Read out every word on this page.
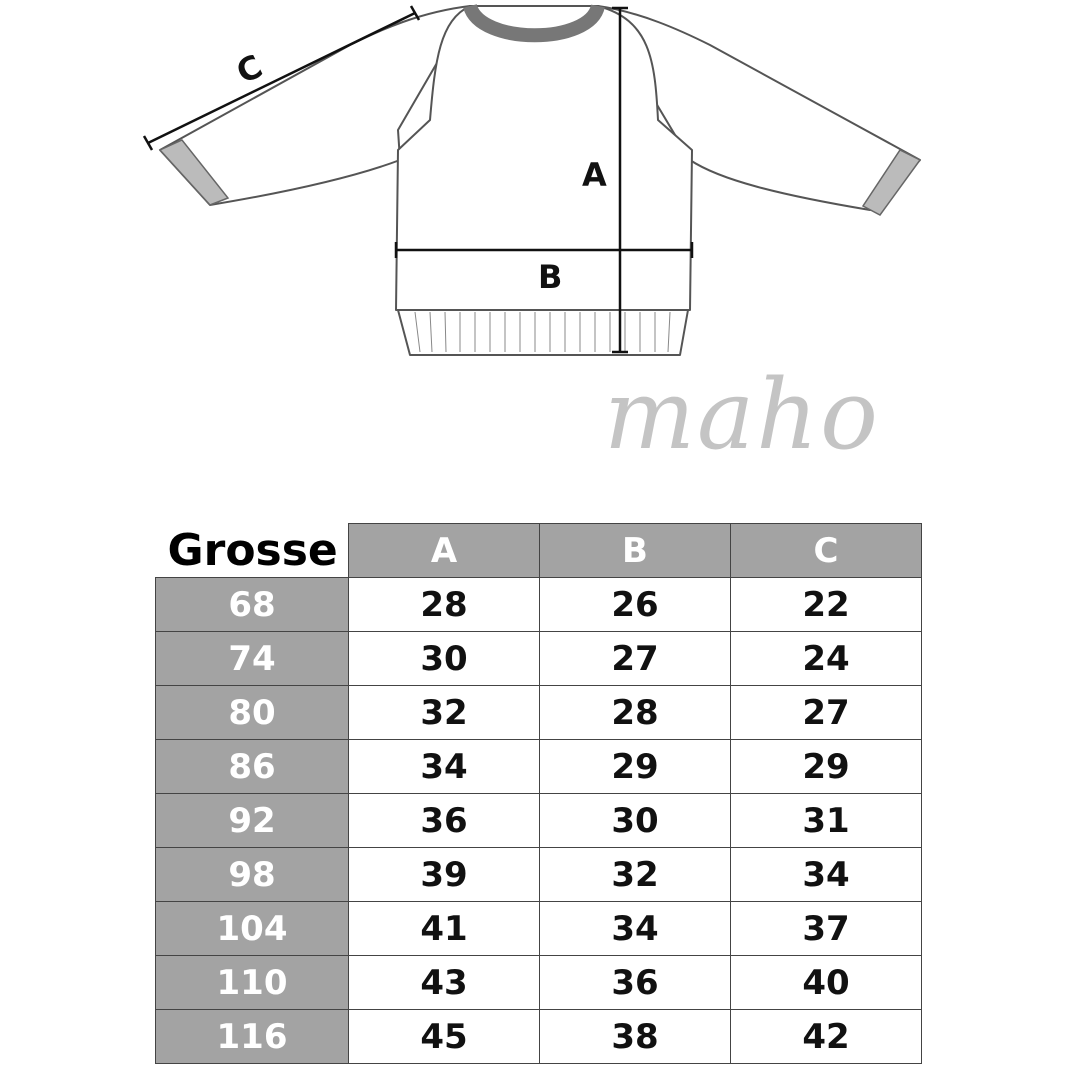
C
A
B
maho
Grosse	A	B	C
68	28	26	22
74	30	27	24
80	32	28	27
86	34	29	29
92	36	30	31
98	39	32	34
104	41	34	37
110	43	36	40
116	45	38	42
